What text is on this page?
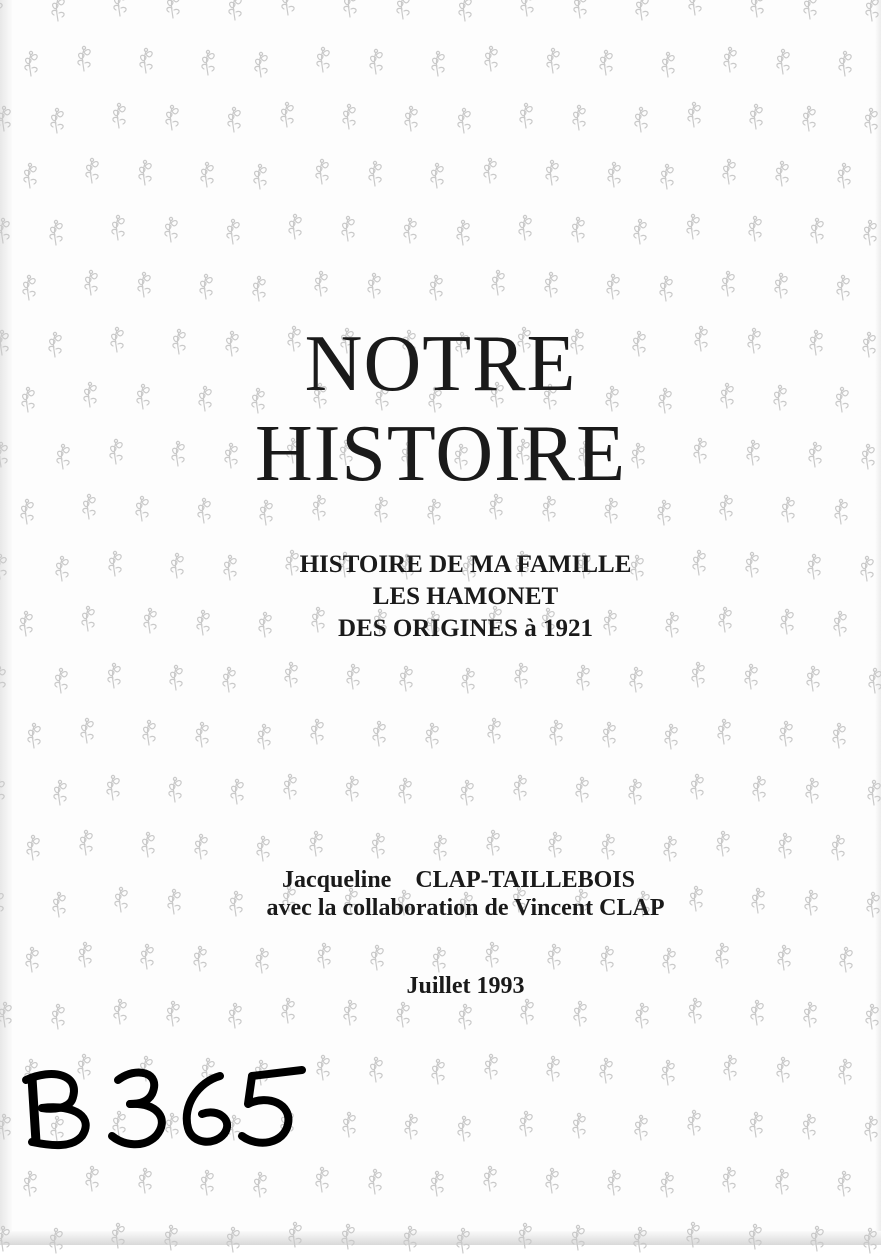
NOTRE
HISTOIRE

HISTOIRE DE MA FAMILLE

LES HAMONET

DES ORIGINES à 1921

Jacqueline CLAP-TAILLEBOIS
avec la collaboration de Vincent CLAP
Juillet 1993
